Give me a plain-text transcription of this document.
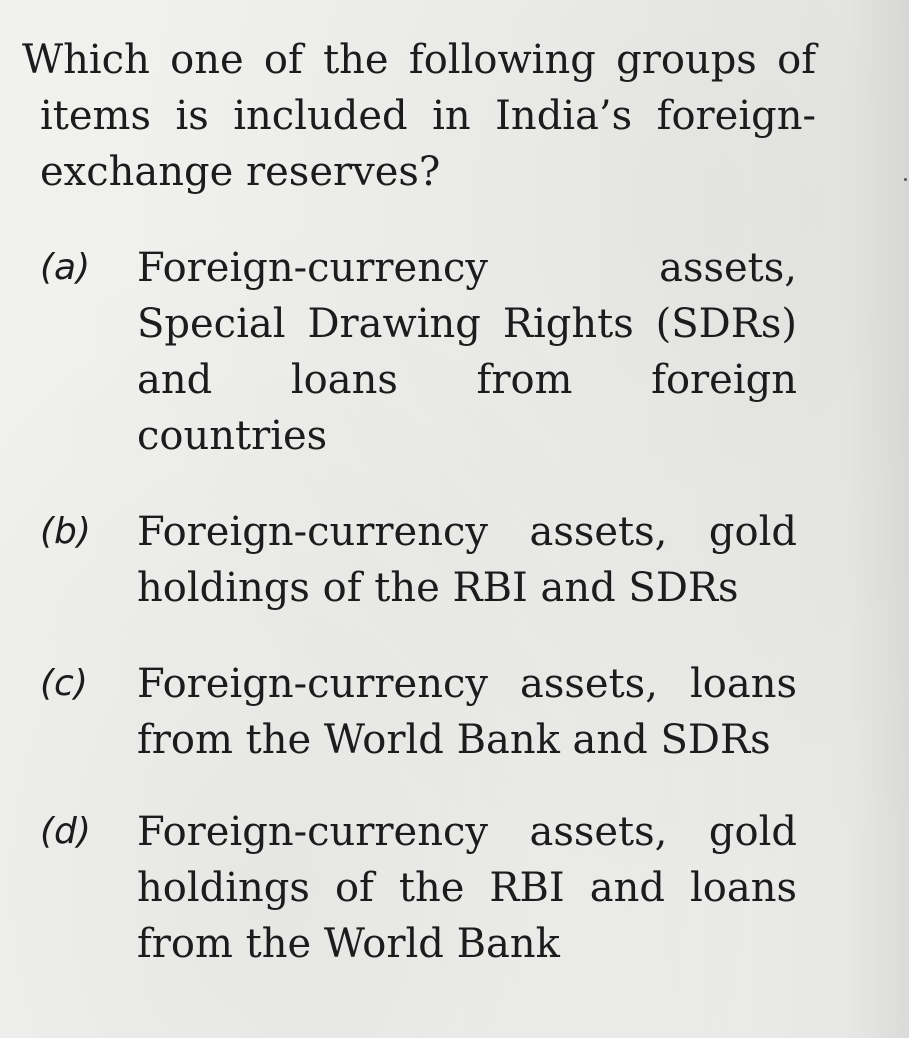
Which one of the following groups of items is included in India’s foreign-exchange reserves?
(a) Foreign-currency assets, Special Drawing Rights (SDRs) and loans from foreign countries
(b) Foreign-currency assets, gold holdings of the RBI and SDRs
(c) Foreign-currency assets, loans from the World Bank and SDRs
(d) Foreign-currency assets, gold holdings of the RBI and loans from the World Bank
